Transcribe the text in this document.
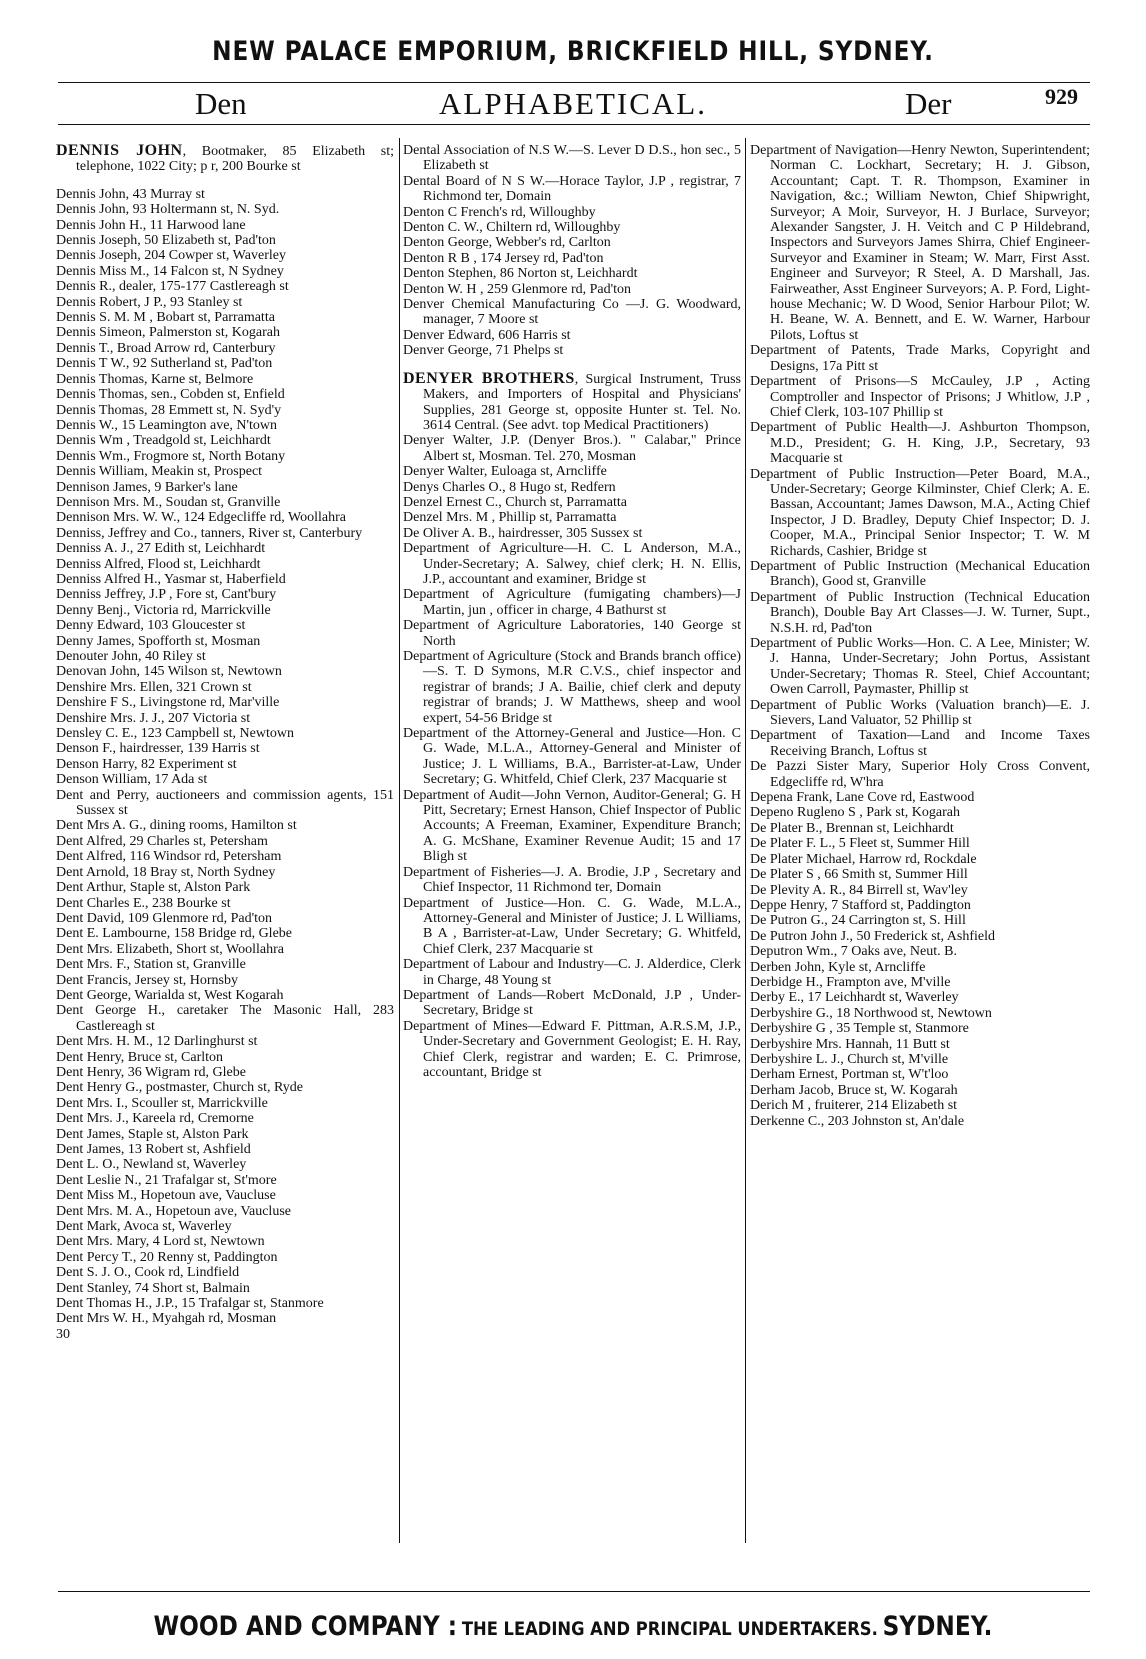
NEW PALACE EMPORIUM, BRICKFIELD HILL, SYDNEY.
Den	ALPHABETICAL.	Der	929

DENNIS JOHN, Bootmaker, 85 Elizabeth st; telephone, 1022 City; p r, 200 Bourke st

Dennis John, 43 Murray st

Dennis John, 93 Holtermann st, N. Syd.

Dennis John H., 11 Harwood lane

Dennis Joseph, 50 Elizabeth st, Pad'ton

Dennis Joseph, 204 Cowper st, Waverley

Dennis Miss M., 14 Falcon st, N Sydney

Dennis R., dealer, 175-177 Castlereagh st

Dennis Robert, J P., 93 Stanley st

Dennis S. M. M , Bobart st, Parramatta

Dennis Simeon, Palmerston st, Kogarah

Dennis T., Broad Arrow rd, Canterbury

Dennis T W., 92 Sutherland st, Pad'ton

Dennis Thomas, Karne st, Belmore

Dennis Thomas, sen., Cobden st, Enfield

Dennis Thomas, 28 Emmett st, N. Syd'y

Dennis W., 15 Leamington ave, N'town

Dennis Wm , Treadgold st, Leichhardt

Dennis Wm., Frogmore st, North Botany

Dennis William, Meakin st, Prospect

Dennison James, 9 Barker's lane

Dennison Mrs. M., Soudan st, Granville

Dennison Mrs. W. W., 124 Edgecliffe rd, Woollahra

Denniss, Jeffrey and Co., tanners, River st, Canterbury

Denniss A. J., 27 Edith st, Leichhardt

Denniss Alfred, Flood st, Leichhardt

Denniss Alfred H., Yasmar st, Haberfield

Denniss Jeffrey, J.P , Fore st, Cant'bury

Denny Benj., Victoria rd, Marrickville

Denny Edward, 103 Gloucester st

Denny James, Spofforth st, Mosman

Denouter John, 40 Riley st

Denovan John, 145 Wilson st, Newtown

Denshire Mrs. Ellen, 321 Crown st

Denshire F S., Livingstone rd, Mar'ville

Denshire Mrs. J. J., 207 Victoria st

Densley C. E., 123 Campbell st, Newtown

Denson F., hairdresser, 139 Harris st

Denson Harry, 82 Experiment st

Denson William, 17 Ada st

Dent and Perry, auctioneers and commission agents, 151 Sussex st

Dent Mrs A. G., dining rooms, Hamilton st

Dent Alfred, 29 Charles st, Petersham

Dent Alfred, 116 Windsor rd, Petersham

Dent Arnold, 18 Bray st, North Sydney

Dent Arthur, Staple st, Alston Park

Dent Charles E., 238 Bourke st

Dent David, 109 Glenmore rd, Pad'ton

Dent E. Lambourne, 158 Bridge rd, Glebe

Dent Mrs. Elizabeth, Short st, Woollahra

Dent Mrs. F., Station st, Granville

Dent Francis, Jersey st, Hornsby

Dent George, Warialda st, West Kogarah

Dent George H., caretaker The Masonic Hall, 283 Castlereagh st

Dent Mrs. H. M., 12 Darlinghurst st

Dent Henry, Bruce st, Carlton

Dent Henry, 36 Wigram rd, Glebe

Dent Henry G., postmaster, Church st, Ryde

Dent Mrs. I., Scouller st, Marrickville

Dent Mrs. J., Kareela rd, Cremorne

Dent James, Staple st, Alston Park

Dent James, 13 Robert st, Ashfield

Dent L. O., Newland st, Waverley

Dent Leslie N., 21 Trafalgar st, St'more

Dent Miss M., Hopetoun ave, Vaucluse

Dent Mrs. M. A., Hopetoun ave, Vaucluse

Dent Mark, Avoca st, Waverley

Dent Mrs. Mary, 4 Lord st, Newtown

Dent Percy T., 20 Renny st, Paddington

Dent S. J. O., Cook rd, Lindfield

Dent Stanley, 74 Short st, Balmain

Dent Thomas H., J.P., 15 Trafalgar st, Stanmore

Dent Mrs W. H., Myahgah rd, Mosman

30

Dental Association of N.S W.—S. Lever D D.S., hon sec., 5 Elizabeth st

Dental Board of N S W.—Horace Taylor, J.P , registrar, 7 Richmond ter, Domain

Denton C French's rd, Willoughby

Denton C. W., Chiltern rd, Willoughby

Denton George, Webber's rd, Carlton

Denton R B , 174 Jersey rd, Pad'ton

Denton Stephen, 86 Norton st, Leichhardt

Denton W. H , 259 Glenmore rd, Pad'ton

Denver Chemical Manufacturing Co —J. G. Woodward, manager, 7 Moore st

Denver Edward, 606 Harris st

Denver George, 71 Phelps st

DENYER BROTHERS, Surgical Instrument, Truss Makers, and Importers of Hospital and Physicians' Supplies, 281 George st, opposite Hunter st. Tel. No. 3614 Central. (See advt. top Medical Practitioners)

Denyer Walter, J.P. (Denyer Bros.). " Calabar," Prince Albert st, Mosman. Tel. 270, Mosman

Denyer Walter, Euloaga st, Arncliffe

Denys Charles O., 8 Hugo st, Redfern

Denzel Ernest C., Church st, Parramatta

Denzel Mrs. M , Phillip st, Parramatta

De Oliver A. B., hairdresser, 305 Sussex st

Department of Agriculture—H. C. L Anderson, M.A., Under-Secretary; A. Salwey, chief clerk; H. N. Ellis, J.P., accountant and examiner, Bridge st

Department of Agriculture (fumigating chambers)—J Martin, jun , officer in charge, 4 Bathurst st

Department of Agriculture Laboratories, 140 George st North

Department of Agriculture (Stock and Brands branch office)—S. T. D Symons, M.R C.V.S., chief inspector and registrar of brands; J A. Bailie, chief clerk and deputy registrar of brands; J. W Matthews, sheep and wool expert, 54-56 Bridge st

Department of the Attorney-General and Justice—Hon. C G. Wade, M.L.A., Attorney-General and Minister of Justice; J. L Williams, B.A., Barrister-at-Law, Under Secretary; G. Whitfeld, Chief Clerk, 237 Macquarie st

Department of Audit—John Vernon, Auditor-General; G. H Pitt, Secretary; Ernest Hanson, Chief Inspector of Public Accounts; A Freeman, Examiner, Expenditure Branch; A. G. McShane, Examiner Revenue Audit; 15 and 17 Bligh st

Department of Fisheries—J. A. Brodie, J.P , Secretary and Chief Inspector, 11 Richmond ter, Domain

Department of Justice—Hon. C. G. Wade, M.L.A., Attorney-General and Minister of Justice; J. L Williams, B A , Barrister-at-Law, Under Secretary; G. Whitfeld, Chief Clerk, 237 Macquarie st

Department of Labour and Industry—C. J. Alderdice, Clerk in Charge, 48 Young st

Department of Lands—Robert McDonald, J.P , Under-Secretary, Bridge st

Department of Mines—Edward F. Pittman, A.R.S.M, J.P., Under-Secretary and Government Geologist; E. H. Ray, Chief Clerk, registrar and warden; E. C. Primrose, accountant, Bridge st

Department of Navigation—Henry Newton, Superintendent; Norman C. Lockhart, Secretary; H. J. Gibson, Accountant; Capt. T. R. Thompson, Examiner in Navigation, &c.; William Newton, Chief Shipwright, Surveyor; A Moir, Surveyor, H. J Burlace, Surveyor; Alexander Sangster, J. H. Veitch and C P Hildebrand, Inspectors and Surveyors James Shirra, Chief Engineer-Surveyor and Examiner in Steam; W. Marr, First Asst. Engineer and Surveyor; R Steel, A. D Marshall, Jas. Fairweather, Asst Engineer Surveyors; A. P. Ford, Light-house Mechanic; W. D Wood, Senior Harbour Pilot; W. H. Beane, W. A. Bennett, and E. W. Warner, Harbour Pilots, Loftus st

Department of Patents, Trade Marks, Copyright and Designs, 17a Pitt st

Department of Prisons—S McCauley, J.P , Acting Comptroller and Inspector of Prisons; J Whitlow, J.P , Chief Clerk, 103-107 Phillip st

Department of Public Health—J. Ashburton Thompson, M.D., President; G. H. King, J.P., Secretary, 93 Macquarie st

Department of Public Instruction—Peter Board, M.A., Under-Secretary; George Kilminster, Chief Clerk; A. E. Bassan, Accountant; James Dawson, M.A., Acting Chief Inspector, J D. Bradley, Deputy Chief Inspector; D. J. Cooper, M.A., Principal Senior Inspector; T. W. M Richards, Cashier, Bridge st

Department of Public Instruction (Mechanical Education Branch), Good st, Granville

Department of Public Instruction (Technical Education Branch), Double Bay Art Classes—J. W. Turner, Supt., N.S.H. rd, Pad'ton

Department of Public Works—Hon. C. A Lee, Minister; W. J. Hanna, Under-Secretary; John Portus, Assistant Under-Secretary; Thomas R. Steel, Chief Accountant; Owen Carroll, Paymaster, Phillip st

Department of Public Works (Valuation branch)—E. J. Sievers, Land Valuator, 52 Phillip st

Department of Taxation—Land and Income Taxes Receiving Branch, Loftus st

De Pazzi Sister Mary, Superior Holy Cross Convent, Edgecliffe rd, W'hra

Depena Frank, Lane Cove rd, Eastwood

Depeno Rugleno S , Park st, Kogarah

De Plater B., Brennan st, Leichhardt

De Plater F. L., 5 Fleet st, Summer Hill

De Plater Michael, Harrow rd, Rockdale

De Plater S , 66 Smith st, Summer Hill

De Plevity A. R., 84 Birrell st, Wav'ley

Deppe Henry, 7 Stafford st, Paddington

De Putron G., 24 Carrington st, S. Hill

De Putron John J., 50 Frederick st, Ashfield

Deputron Wm., 7 Oaks ave, Neut. B.

Derben John, Kyle st, Arncliffe

Derbidge H., Frampton ave, M'ville

Derby E., 17 Leichhardt st, Waverley

Derbyshire G., 18 Northwood st, Newtown

Derbyshire G , 35 Temple st, Stanmore

Derbyshire Mrs. Hannah, 11 Butt st

Derbyshire L. J., Church st, M'ville

Derham Ernest, Portman st, W't'loo

Derham Jacob, Bruce st, W. Kogarah

Derich M , fruiterer, 214 Elizabeth st

Derkenne C., 203 Johnston st, An'dale

WOOD AND COMPANY : THE LEADING AND PRINCIPAL UNDERTAKERS. SYDNEY.
